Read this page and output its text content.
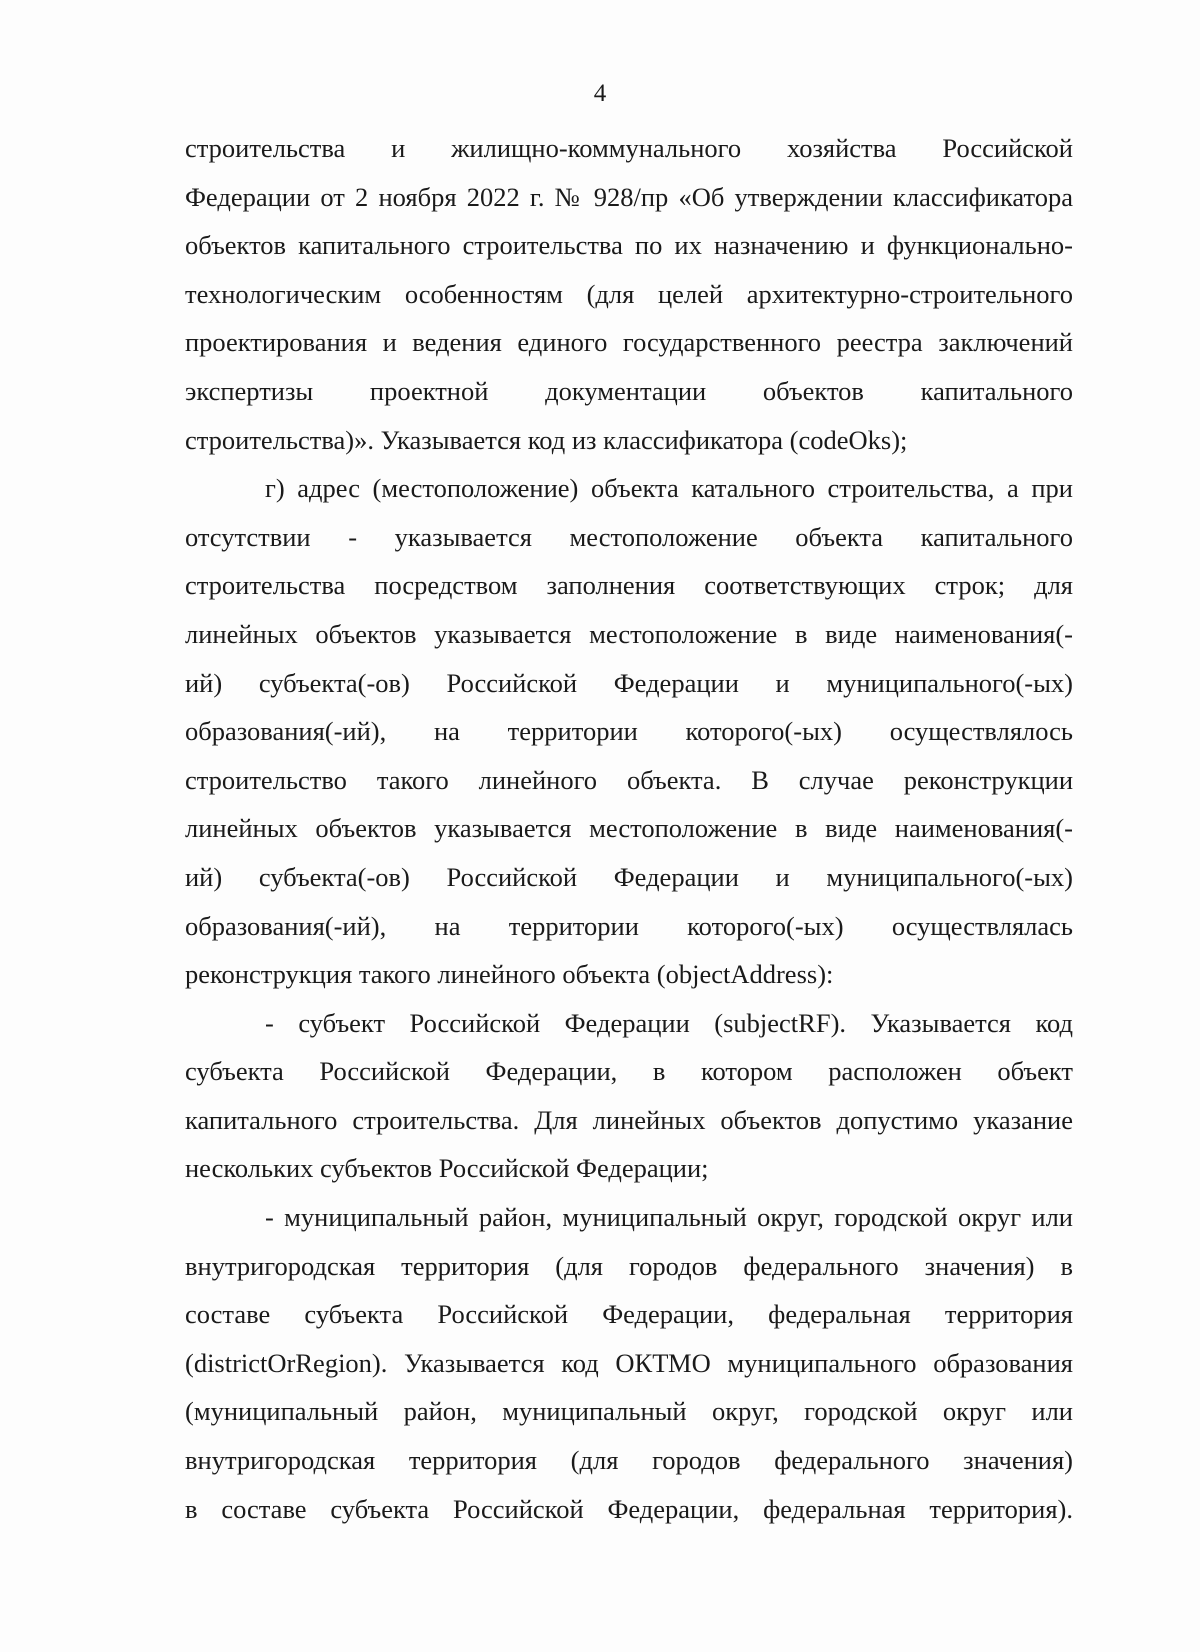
4
строительства и жилищно-коммунального хозяйства Российской
Федерации от 2 ноября 2022 г. № 928/пр «Об утверждении классификатора
объектов капитального строительства по их назначению и функционально-
технологическим особенностям (для целей архитектурно-строительного
проектирования и ведения единого государственного реестра заключений
экспертизы проектной документации объектов капитального
строительства)». Указывается код из классификатора (codeOks);
г) адрес (местоположение) объекта катального строительства, а при
отсутствии - указывается местоположение объекта капитального
строительства посредством заполнения соответствующих строк; для
линейных объектов указывается местоположение в виде наименования(-
ий) субъекта(-ов) Российской Федерации и муниципального(-ых)
образования(-ий), на территории которого(-ых) осуществлялось
строительство такого линейного объекта. В случае реконструкции
линейных объектов указывается местоположение в виде наименования(-
ий) субъекта(-ов) Российской Федерации и муниципального(-ых)
образования(-ий), на территории которого(-ых) осуществлялась
реконструкция такого линейного объекта (objectAddress):
- субъект Российской Федерации (subjectRF). Указывается код
субъекта Российской Федерации, в котором расположен объект
капитального строительства. Для линейных объектов допустимо указание
нескольких субъектов Российской Федерации;
- муниципальный район, муниципальный округ, городской округ или
внутригородская территория (для городов федерального значения) в
составе субъекта Российской Федерации, федеральная территория
(districtOrRegion). Указывается код ОКТМО муниципального образования
(муниципальный район, муниципальный округ, городской округ или
внутригородская территория (для городов федерального значения)
в составе субъекта Российской Федерации, федеральная территория).
